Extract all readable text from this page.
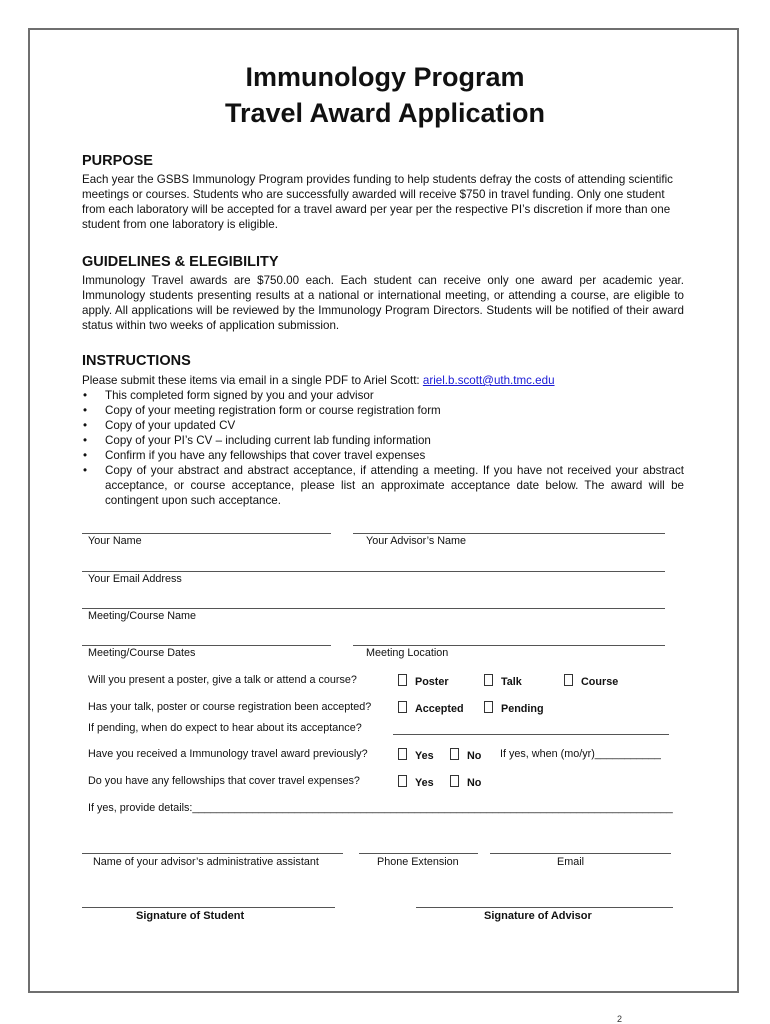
Immunology Program
Travel Award Application
PURPOSE
Each year the GSBS Immunology Program provides funding to help students defray the costs of attending scientific meetings or courses. Students who are successfully awarded will receive $750 in travel funding. Only one student from each laboratory will be accepted for a travel award per year per the respective PI’s discretion if more than one student from one laboratory is eligible.
GUIDELINES & ELEGIBILITY
Immunology Travel awards are $750.00 each. Each student can receive only one award per academic year. Immunology students presenting results at a national or international meeting, or attending a course, are eligible to apply. All applications will be reviewed by the Immunology Program Directors. Students will be notified of their award status within two weeks of application submission.
INSTRUCTIONS
Please submit these items via email in a single PDF to Ariel Scott: ariel.b.scott@uth.tmc.edu
• This completed form signed by you and your advisor
• Copy of your meeting registration form or course registration form
• Copy of your updated CV
• Copy of your PI’s CV – including current lab funding information
• Confirm if you have any fellowships that cover travel expenses
• Copy of your abstract and abstract acceptance, if attending a meeting. If you have not received your abstract acceptance, or course acceptance, please list an approximate acceptance date below. The award will be contingent upon such acceptance.
Your Name	Your Advisor’s Name
Your Email Address
Meeting/Course Name
Meeting/Course Dates	Meeting Location
Will you present a poster, give a talk or attend a course?	Poster	Talk	Course
Has your talk, poster or course registration been accepted?	Accepted	Pending
If pending, when do expect to hear about its acceptance?
Have you received a Immunology travel award previously?	Yes	No If yes, when (mo/yr)___________
Do you have any fellowships that cover travel expenses?	Yes	No
If yes, provide details:________________________________________________________________________________
Name of your advisor’s administrative assistant	Phone Extension	Email
Signature of Student	Signature of Advisor
2
